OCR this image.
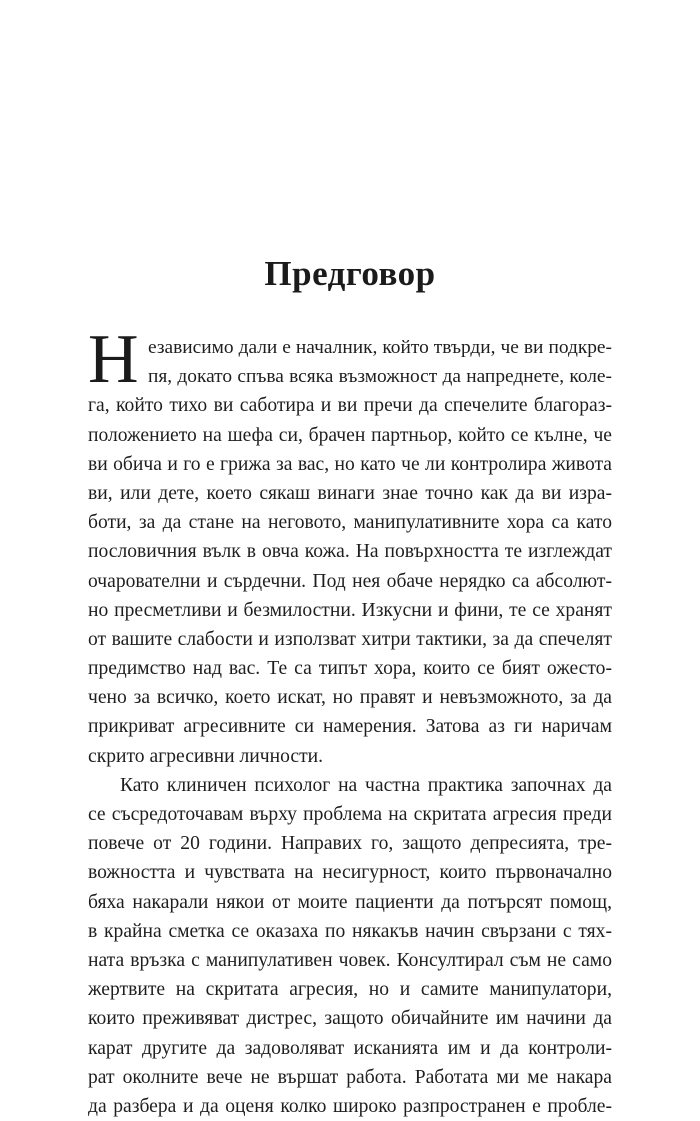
Предговор
Н езависимо дали е началник, който твърди, че ви подкре-
пя, докато спъва всяка възможност да напреднете, коле-
га, който тихо ви саботира и ви пречи да спечелите благораз-
положението на шефа си, брачен партньор, който се кълне, че
ви обича и го е грижа за вас, но като че ли контролира живота
ви, или дете, което сякаш винаги знае точно как да ви изра-
боти, за да стане на неговото, манипулативните хора са като
пословичния вълк в овча кожа. На повърхността те изглеждат
очарователни и сърдечни. Под нея обаче нерядко са абсолют-
но пресметливи и безмилостни. Изкусни и фини, те се хранят
от вашите слабости и използват хитри тактики, за да спечелят
предимство над вас. Те са типът хора, които се бият ожесто-
чено за всичко, което искат, но правят и невъзможното, за да
прикриват агресивните си намерения. Затова аз ги наричам
скрито агресивни личности.
Като клиничен психолог на частна практика започнах да
се съсредоточавам върху проблема на скритата агресия преди
повече от 20 години. Направих го, защото депресията, тре-
вожността и чувствата на несигурност, които първоначално
бяха накарали някои от моите пациенти да потърсят помощ,
в крайна сметка се оказаха по някакъв начин свързани с тях-
ната връзка с манипулативен човек. Консултирал съм не само
жертвите на скритата агресия, но и самите манипулатори,
които преживяват дистрес, защото обичайните им начини да
карат другите да задоволяват исканията им и да контроли-
рат околните вече не вършат работа. Работата ми ме накара
да разбера и да оценя колко широко разпространен е пробле-
